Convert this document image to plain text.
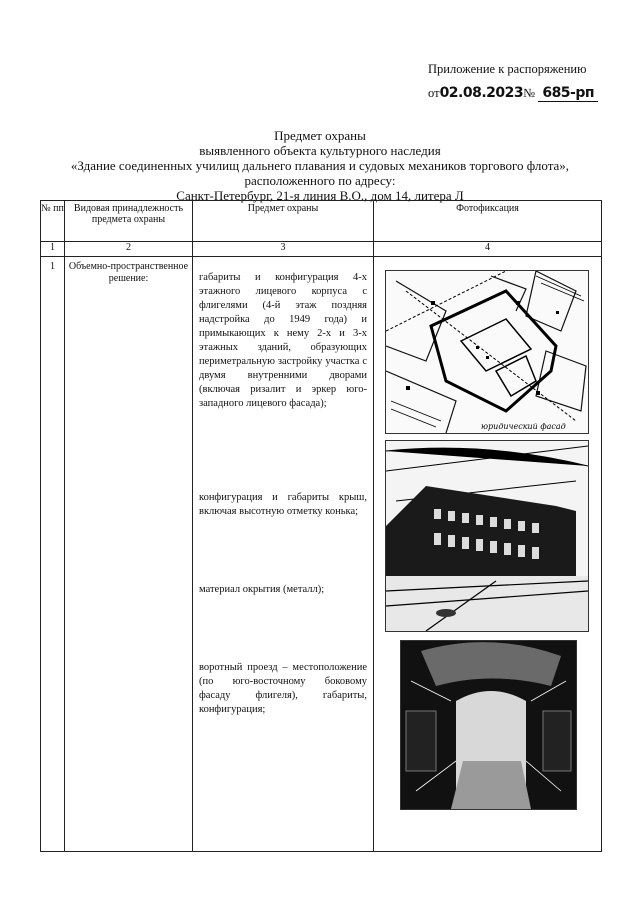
Приложение к распоряжению
от02.08.2023№ 685-рп
Предмет охраны
выявленного объекта культурного наследия
«Здание соединенных училищ дальнего плавания и судовых механиков торгового флота»,
расположенного по адресу:
Санкт-Петербург, 21-я линия В.О., дом 14, литера Л
№ пп	Видовая принадлежность предмета охраны	Предмет охраны	Фотофиксация
1	2	3	4
1	Объемно-пространственное решение:	габариты и конфигурация 4-х этажного лицевого корпуса с флигелями (4-й этаж поздняя надстройка до 1949 года) и примыкающих к нему 2-х и 3-х этажных зданий, образующих периметральную застройку участка с двумя внутренними дворами (включая ризалит и эркер юго-западного лицевого фасада);
конфигурация и габариты крыш, включая высотную отметку конька;
материал окрытия (металл);
воротный проезд – местоположение (по юго-восточному боковому фасаду флигеля), габариты, конфигурация;	

юридический фасад
